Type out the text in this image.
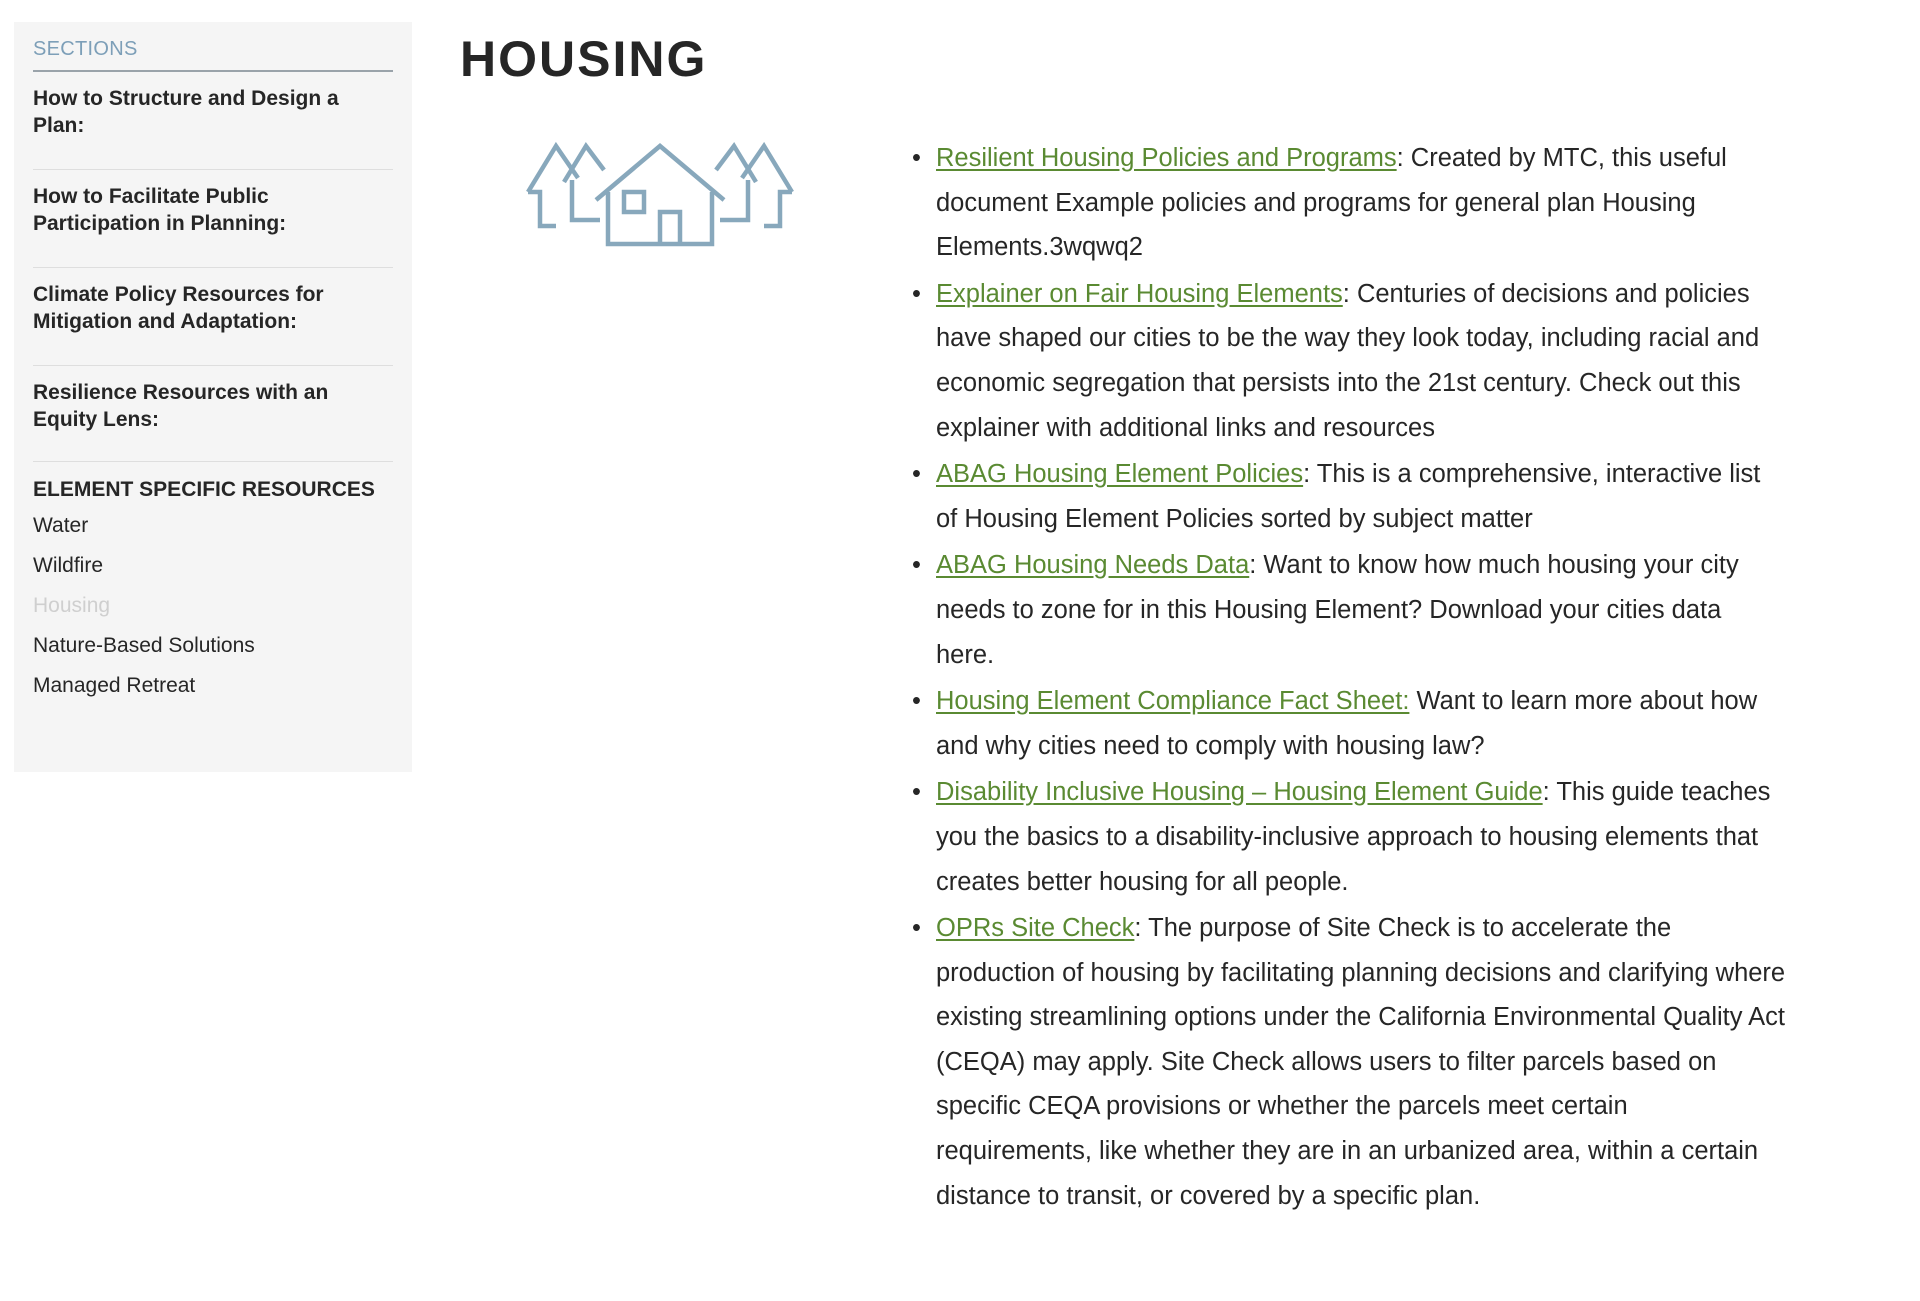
SECTIONS
How to Structure and Design a Plan:
How to Facilitate Public Participation in Planning:
Climate Policy Resources for Mitigation and Adaptation:
Resilience Resources with an Equity Lens:
ELEMENT SPECIFIC RESOURCES
Water
Wildfire
Housing
Nature-Based Solutions
Managed Retreat
HOUSING
• Resilient Housing Policies and Programs: Created by MTC, this useful document Example policies and programs for general plan Housing Elements.3wqwq2
• Explainer on Fair Housing Elements: Centuries of decisions and policies have shaped our cities to be the way they look today, including racial and economic segregation that persists into the 21st century. Check out this explainer with additional links and resources
• ABAG Housing Element Policies: This is a comprehensive, interactive list of Housing Element Policies sorted by subject matter
• ABAG Housing Needs Data: Want to know how much housing your city needs to zone for in this Housing Element? Download your cities data here.
• Housing Element Compliance Fact Sheet: Want to learn more about how and why cities need to comply with housing law?
• Disability Inclusive Housing – Housing Element Guide: This guide teaches you the basics to a disability-inclusive approach to housing elements that creates better housing for all people.
• OPRs Site Check: The purpose of Site Check is to accelerate the production of housing by facilitating planning decisions and clarifying where existing streamlining options under the California Environmental Quality Act (CEQA) may apply. Site Check allows users to filter parcels based on specific CEQA provisions or whether the parcels meet certain requirements, like whether they are in an urbanized area, within a certain distance to transit, or covered by a specific plan.
